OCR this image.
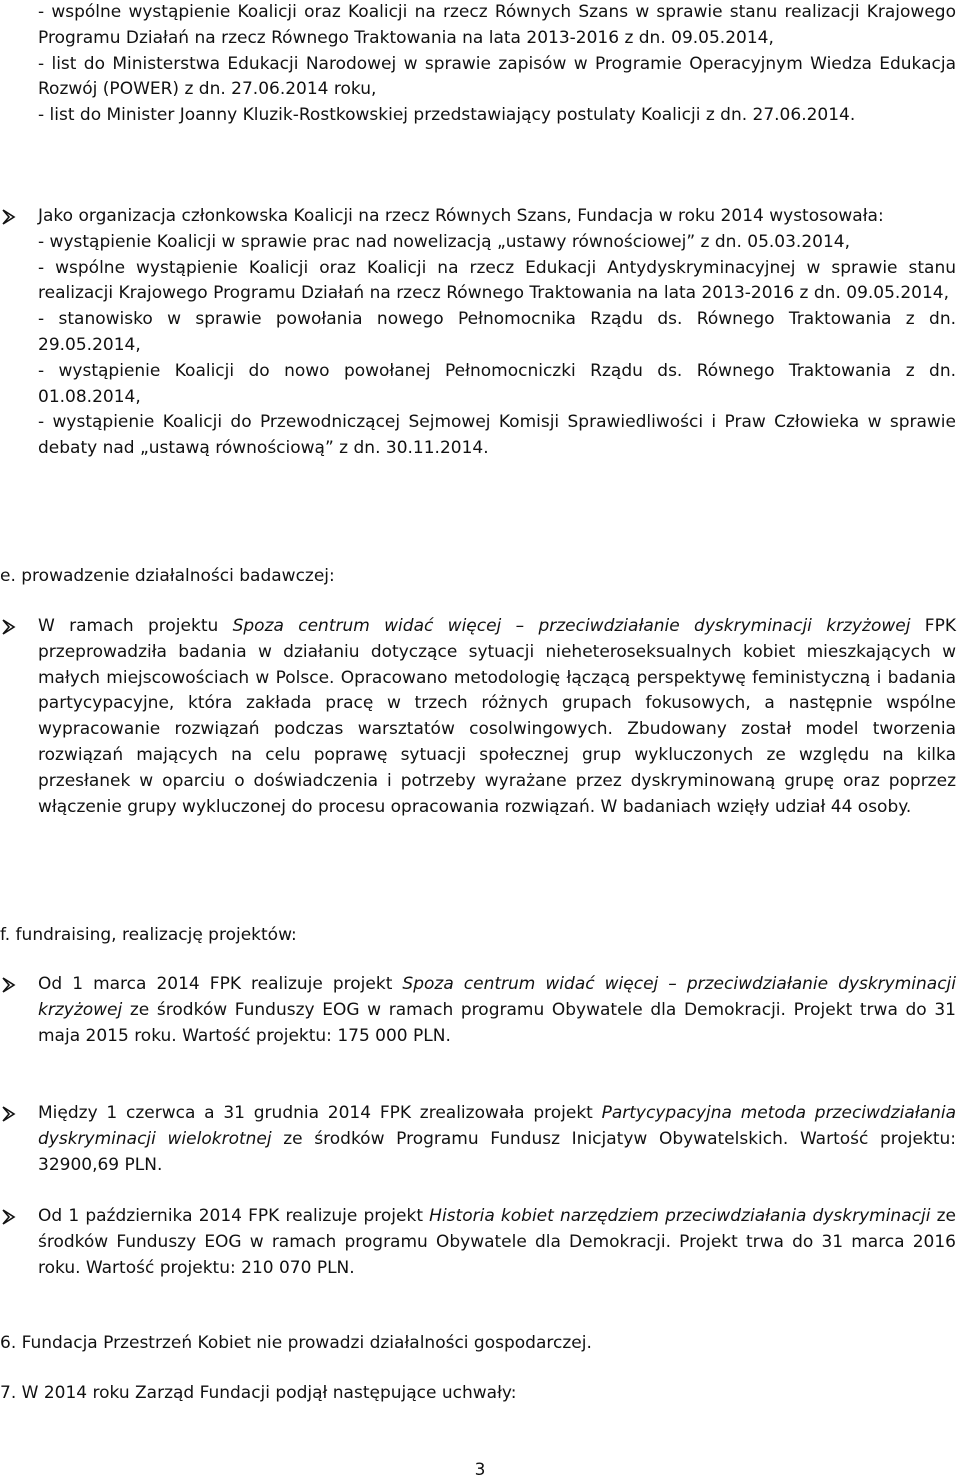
- wspólne wystąpienie Koalicji oraz Koalicji na rzecz Równych Szans w sprawie stanu realizacji Krajowego Programu Działań na rzecz Równego Traktowania na lata 2013-2016 z dn. 09.05.2014,

- list do Ministerstwa Edukacji Narodowej w sprawie zapisów w Programie Operacyjnym Wiedza Edukacja Rozwój (POWER) z dn. 27.06.2014 roku,

- list do Minister Joanny Kluzik-Rostkowskiej przedstawiający postulaty Koalicji z dn. 27.06.2014.

Jako organizacja członkowska Koalicji na rzecz Równych Szans, Fundacja w roku 2014 wystosowała:

- wystąpienie Koalicji w sprawie prac nad nowelizacją „ustawy równościowej” z dn. 05.03.2014,

- wspólne wystąpienie Koalicji oraz Koalicji na rzecz Edukacji Antydyskryminacyjnej w sprawie stanu realizacji Krajowego Programu Działań na rzecz Równego Traktowania na lata 2013-2016 z dn. 09.05.2014,

- stanowisko w sprawie powołania nowego Pełnomocnika Rządu ds. Równego Traktowania z dn. 29.05.2014,

- wystąpienie Koalicji do nowo powołanej Pełnomocniczki Rządu ds. Równego Traktowania z dn. 01.08.2014,

- wystąpienie Koalicji do Przewodniczącej Sejmowej Komisji Sprawiedliwości i Praw Człowieka w sprawie debaty nad „ustawą równościową” z dn. 30.11.2014.

e. prowadzenie działalności badawczej:

W ramach projektu Spoza centrum widać więcej – przeciwdziałanie dyskryminacji krzyżowej FPK przeprowadziła badania w działaniu dotyczące sytuacji nieheteroseksualnych kobiet mieszkających w małych miejscowościach w Polsce. Opracowano metodologię łączącą perspektywę feministyczną i badania partycypacyjne, która zakłada pracę w trzech różnych grupach fokusowych, a następnie wspólne wypracowanie rozwiązań podczas warsztatów cosolwingowych. Zbudowany został model tworzenia rozwiązań mających na celu poprawę sytuacji społecznej grup wykluczonych ze względu na kilka przesłanek w oparciu o doświadczenia i potrzeby wyrażane przez dyskryminowaną grupę oraz poprzez włączenie grupy wykluczonej do procesu opracowania rozwiązań. W badaniach wzięły udział 44 osoby.

f. fundraising, realizację projektów:

Od 1 marca 2014 FPK realizuje projekt Spoza centrum widać więcej – przeciwdziałanie dyskryminacji krzyżowej ze środków Funduszy EOG w ramach programu Obywatele dla Demokracji. Projekt trwa do 31 maja 2015 roku. Wartość projektu: 175 000 PLN.

Między 1 czerwca a 31 grudnia 2014 FPK zrealizowała projekt Partycypacyjna metoda przeciwdziałania dyskryminacji wielokrotnej ze środków Programu Fundusz Inicjatyw Obywatelskich. Wartość projektu: 32900,69 PLN.

Od 1 października 2014 FPK realizuje projekt Historia kobiet narzędziem przeciwdziałania dyskryminacji ze środków Funduszy EOG w ramach programu Obywatele dla Demokracji. Projekt trwa do 31 marca 2016 roku. Wartość projektu: 210 070 PLN.

6. Fundacja Przestrzeń Kobiet nie prowadzi działalności gospodarczej.
7. W 2014 roku Zarząd Fundacji podjął następujące uchwały:
3
